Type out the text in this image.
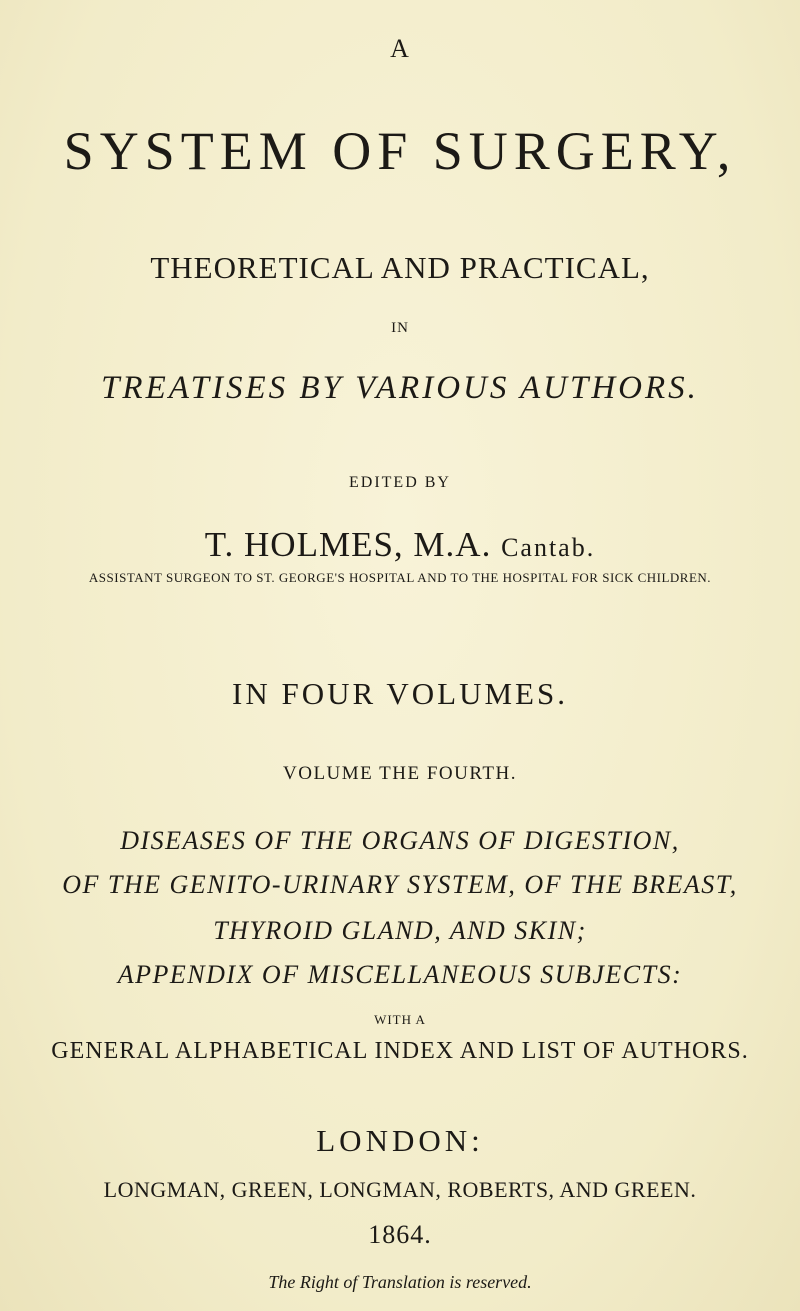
A
SYSTEM OF SURGERY,
THEORETICAL AND PRACTICAL,
IN
TREATISES BY VARIOUS AUTHORS.
EDITED BY
T. HOLMES, M.A. Cantab.
ASSISTANT SURGEON TO ST. GEORGE'S HOSPITAL AND TO THE HOSPITAL FOR SICK CHILDREN.
IN FOUR VOLUMES.
VOLUME THE FOURTH.
DISEASES OF THE ORGANS OF DIGESTION,
OF THE GENITO-URINARY SYSTEM, OF THE BREAST,
THYROID GLAND, AND SKIN;
APPENDIX OF MISCELLANEOUS SUBJECTS:
WITH A
GENERAL ALPHABETICAL INDEX AND LIST OF AUTHORS.
LONDON:
LONGMAN, GREEN, LONGMAN, ROBERTS, AND GREEN.
1864.
The Right of Translation is reserved.
